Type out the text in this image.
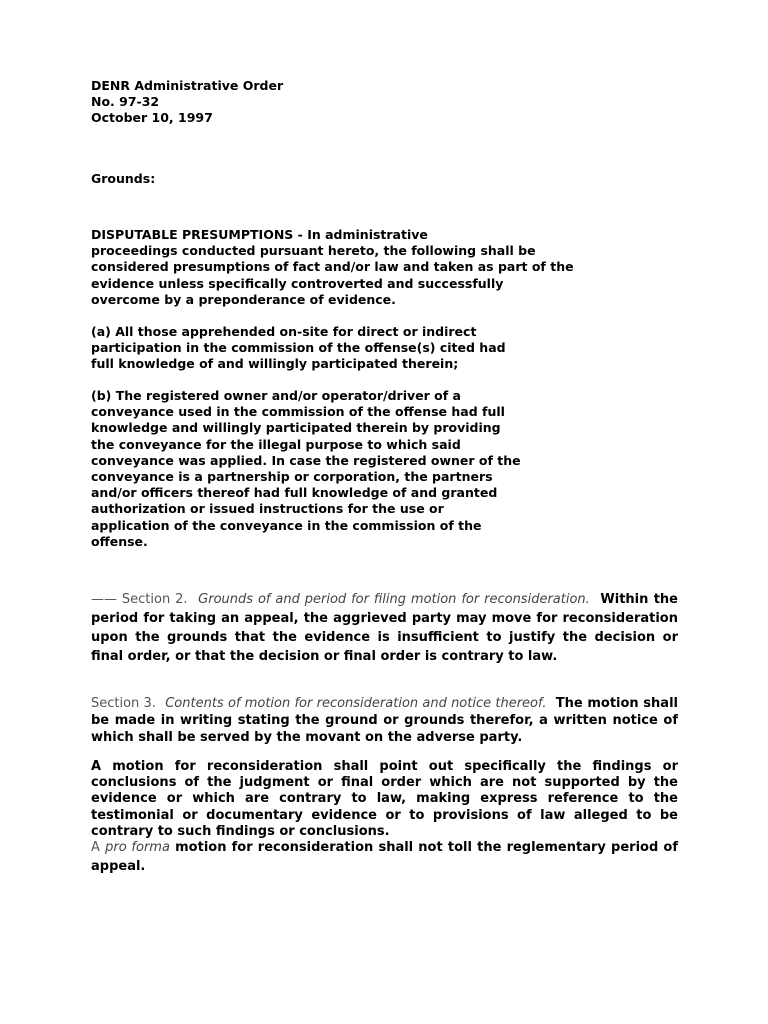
DENR Administrative Order
No. 97-32
October 10, 1997
Grounds:
DISPUTABLE PRESUMPTIONS - In administrative
proceedings conducted pursuant hereto, the following shall be
considered presumptions of fact and/or law and taken as part of the
evidence unless specifically controverted and successfully
overcome by a preponderance of evidence.
(a) All those apprehended on-site for direct or indirect
participation in the commission of the offense(s) cited had
full knowledge of and willingly participated therein;
(b) The registered owner and/or operator/driver of a
conveyance used in the commission of the offense had full
knowledge and willingly participated therein by providing
the conveyance for the illegal purpose to which said
conveyance was applied. In case the registered owner of the
conveyance is a partnership or corporation, the partners
and/or officers thereof had full knowledge of and granted
authorization or issued instructions for the use or
application of the conveyance in the commission of the
offense.

—— Section 2. Grounds of and period for filing motion for reconsideration. Within the period for taking an appeal, the aggrieved party may move for reconsideration upon the grounds that the evidence is insufficient to justify the decision or final order, or that the decision or final order is contrary to law.

Section 3. Contents of motion for reconsideration and notice thereof. The motion shall be made in writing stating the ground or grounds therefor, a written notice of which shall be served by the movant on the adverse party.

A motion for reconsideration shall point out specifically the findings or conclusions of the judgment or final order which are not supported by the evidence or which are contrary to law, making express reference to the testimonial or documentary evidence or to provisions of law alleged to be contrary to such findings or conclusions.

A pro forma motion for reconsideration shall not toll the reglementary period of appeal.
